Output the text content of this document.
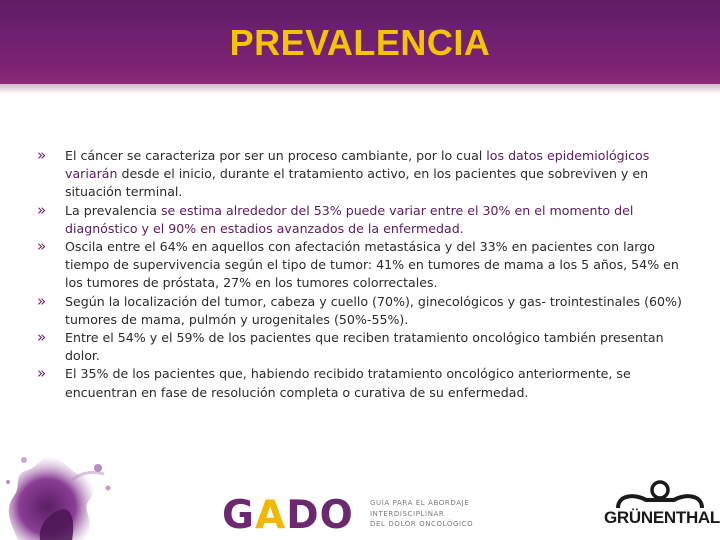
PREVALENCIA
»	El cáncer se caracteriza por ser un proceso cambiante, por lo cual los datos epidemiológicos variarán desde el inicio, durante el tratamiento activo, en los pacientes que sobreviven y en situación terminal.
»	La prevalencia se estima alrededor del 53% puede variar entre el 30% en el momento del diagnóstico y el 90% en estadios avanzados de la enfermedad.
»	Oscila entre el 64% en aquellos con afectación metastásica y del 33% en pacientes con largo tiempo de supervivencia según el tipo de tumor: 41% en tumores de mama a los 5 años, 54% en los tumores de próstata, 27% en los tumores colorrectales.
»	Según la localización del tumor, cabeza y cuello (70%), ginecológicos y gas- trointestinales (60%) tumores de mama, pulmón y urogenitales (50%-55%).
»	Entre el 54% y el 59% de los pacientes que reciben tratamiento oncológico también presentan dolor.
»	El 35% de los pacientes que, habiendo recibido tratamiento oncológico anteriormente, se encuentran en fase de resolución completa o curativa de su enfermedad.
GADO GUÍA PARA EL ABORDAJE
INTERDISCIPLINAR
DEL DOLOR ONCOLÓGICO	GRÜNENTHAL
